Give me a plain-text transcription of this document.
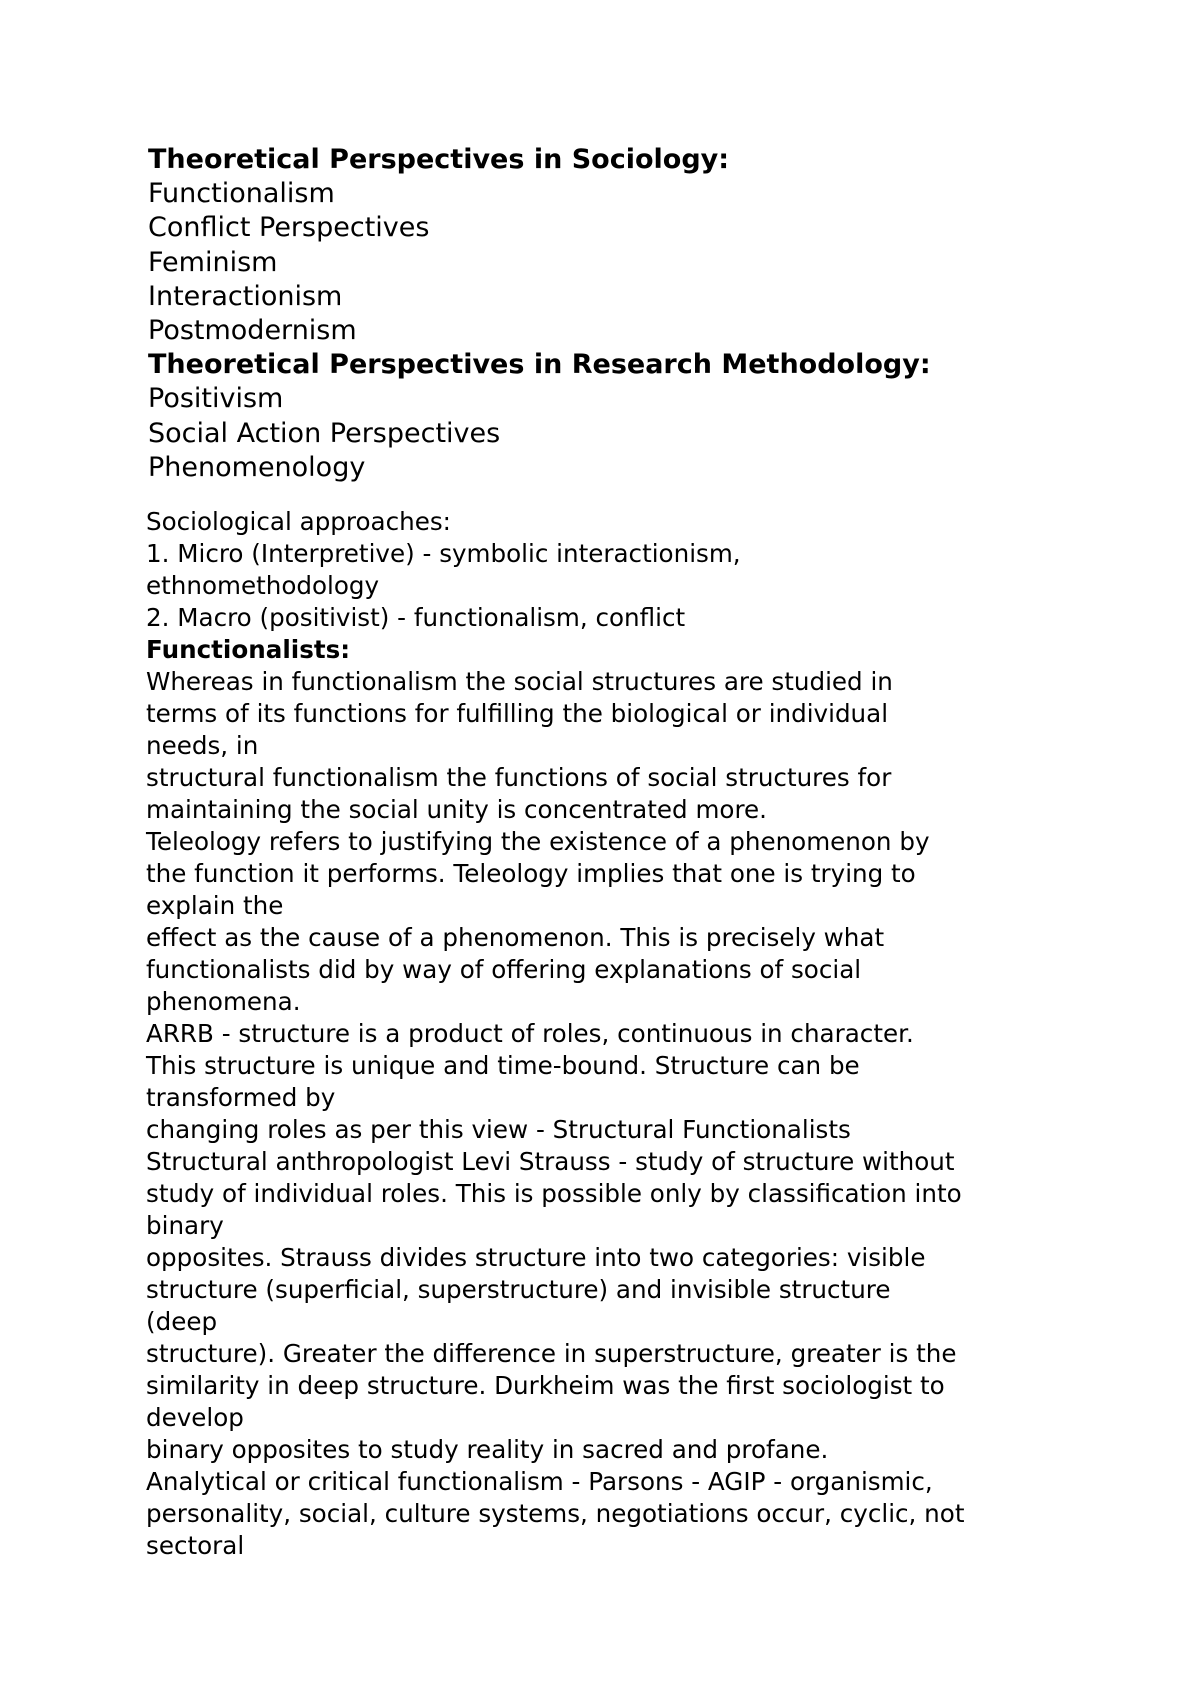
Theoretical Perspectives in Sociology:
Functionalism
Conflict Perspectives
Feminism
Interactionism
Postmodernism
Theoretical Perspectives in Research Methodology:
Positivism
Social Action Perspectives
Phenomenology
Sociological approaches:
1. Micro (Interpretive) - symbolic interactionism,
ethnomethodology
2. Macro (positivist) - functionalism, conflict
Functionalists:
Whereas in functionalism the social structures are studied in
terms of its functions for fulfilling the biological or individual
needs, in
structural functionalism the functions of social structures for
maintaining the social unity is concentrated more.
Teleology refers to justifying the existence of a phenomenon by
the function it performs. Teleology implies that one is trying to
explain the
effect as the cause of a phenomenon. This is precisely what
functionalists did by way of offering explanations of social
phenomena.
ARRB - structure is a product of roles, continuous in character.
This structure is unique and time-bound. Structure can be
transformed by
changing roles as per this view - Structural Functionalists
Structural anthropologist Levi Strauss - study of structure without
study of individual roles. This is possible only by classification into
binary
opposites. Strauss divides structure into two categories: visible
structure (superficial, superstructure) and invisible structure
(deep
structure). Greater the difference in superstructure, greater is the
similarity in deep structure. Durkheim was the first sociologist to
develop
binary opposites to study reality in sacred and profane.
Analytical or critical functionalism - Parsons - AGIP - organismic,
personality, social, culture systems, negotiations occur, cyclic, not
sectoral
